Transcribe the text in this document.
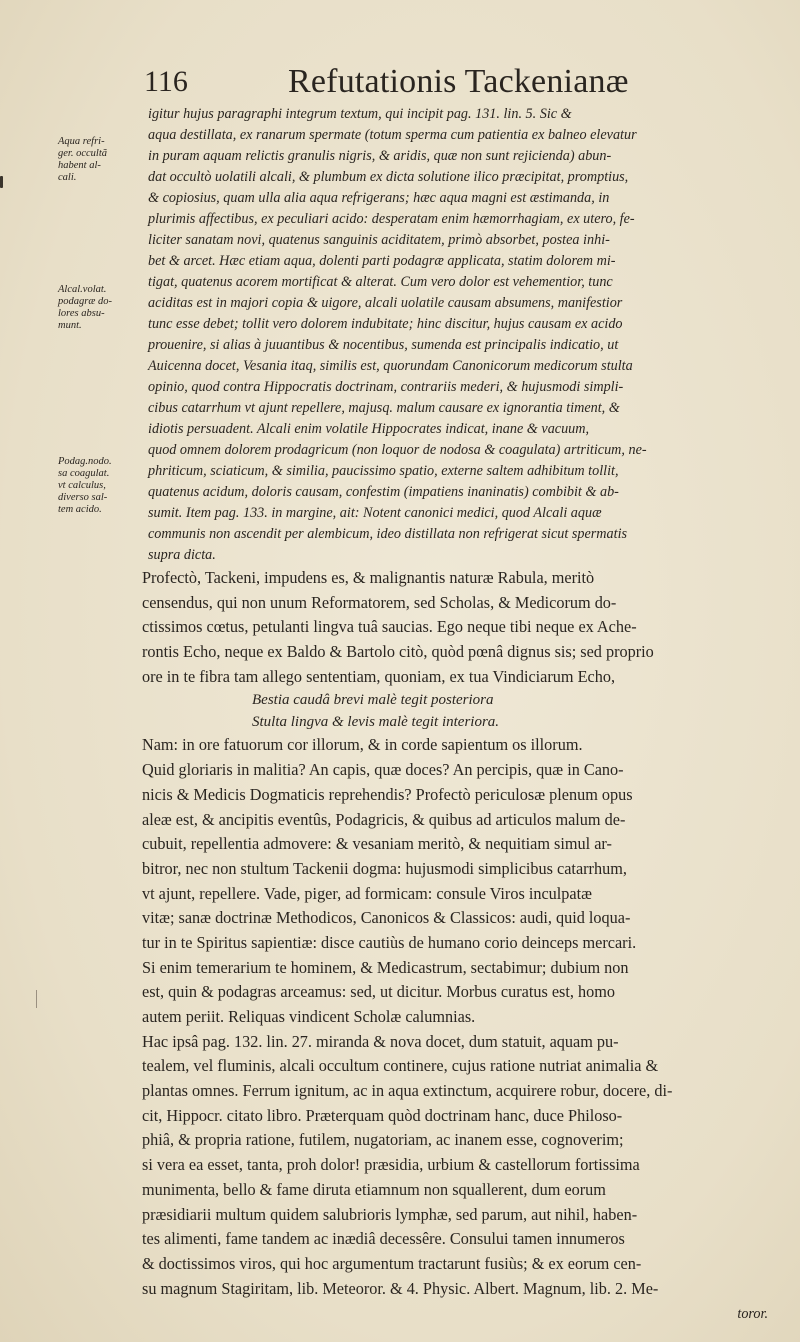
116	Refutationis Tackenianæ
Aqua refri-
ger. occultã
habent al-
cali.
Alcal.volat.
podagræ do-
lores absu-
munt.
Podag.nodo.
sa coagulat.
vt calculus,
diverso sal-
tem acido.
igitur hujus paragraphi integrum textum, qui incipit pag. 131. lin. 5. Sic &
aqua destillata, ex ranarum spermate (totum sperma cum patientia ex balneo elevatur
in puram aquam relictis granulis nigris, & aridis, quæ non sunt rejicienda) abun-
dat occultò uolatili alcali, & plumbum ex dicta solutione ilico præcipitat, promptius,
& copiosius, quam ulla alia aqua refrigerans; hæc aqua magni est æstimanda, in
plurimis affectibus, ex peculiari acido: desperatam enim hæmorrhagiam, ex utero, fe-
liciter sanatam novi, quatenus sanguinis aciditatem, primò absorbet, postea inhi-
bet & arcet. Hæc etiam aqua, dolenti parti podagræ applicata, statim dolorem mi-
tigat, quatenus acorem mortificat & alterat. Cum vero dolor est vehementior, tunc
aciditas est in majori copia & uigore, alcali uolatile causam absumens, manifestior
tunc esse debet; tollit vero dolorem indubitate; hinc discitur, hujus causam ex acido
prouenire, si alias à juuantibus & nocentibus, sumenda est principalis indicatio, ut
Auicenna docet, Vesania itaq, similis est, quorundam Canonicorum medicorum stulta
opinio, quod contra Hippocratis doctrinam, contrariis mederi, & hujusmodi simpli-
cibus catarrhum vt ajunt repellere, majusq. malum causare ex ignorantia timent, &
idiotis persuadent. Alcali enim volatile Hippocrates indicat, inane & vacuum,
quod omnem dolorem prodagricum (non loquor de nodosa & coagulata) artriticum, ne-
phriticum, sciaticum, & similia, paucissimo spatio, externe saltem adhibitum tollit,
quatenus acidum, doloris causam, confestim (impatiens inaninatis) combibit & ab-
sumit. Item pag. 133. in margine, ait: Notent canonici medici, quod Alcali aquæ
communis non ascendit per alembicum, ideo distillata non refrigerat sicut spermatis
supra dicta.
Profectò, Tackeni, impudens es, & malignantis naturæ Rabula, meritò
censendus, qui non unum Reformatorem, sed Scholas, & Medicorum do-
ctissimos cœtus, petulanti lingva tuâ saucias. Ego neque tibi neque ex Ache-
rontis Echo, neque ex Baldo & Bartolo citò, quòd pœnâ dignus sis; sed proprio
ore in te fibra tam allego sententiam, quoniam, ex tua Vindiciarum Echo,
Bestia caudâ brevi malè tegit posteriora
Stulta lingva & levis malè tegit interiora.
Nam: in ore fatuorum cor illorum, & in corde sapientum os illorum.
Quid gloriaris in malitia? An capis, quæ doces? An percipis, quæ in Cano-
nicis & Medicis Dogmaticis reprehendis? Profectò periculosæ plenum opus
aleæ est, & ancipitis eventûs, Podagricis, & quibus ad articulos malum de-
cubuit, repellentia admovere: & vesaniam meritò, & nequitiam simul ar-
bitror, nec non stultum Tackenii dogma: hujusmodi simplicibus catarrhum,
vt ajunt, repellere. Vade, piger, ad formicam: consule Viros inculpatæ
vitæ; sanæ doctrinæ Methodicos, Canonicos & Classicos: audi, quid loqua-
tur in te Spiritus sapientiæ: disce cautiùs de humano corio deinceps mercari.
Si enim temerarium te hominem, & Medicastrum, sectabimur; dubium non
est, quin & podagras arceamus: sed, ut dicitur. Morbus curatus est, homo
autem periit. Reliquas vindicent Scholæ calumnias.
Hac ipsâ pag. 132. lin. 27. miranda & nova docet, dum statuit, aquam pu-
tealem, vel fluminis, alcali occultum continere, cujus ratione nutriat animalia &
plantas omnes. Ferrum ignitum, ac in aqua extinctum, acquirere robur, docere, di-
cit, Hippocr. citato libro. Præterquam quòd doctrinam hanc, duce Philoso-
phiâ, & propria ratione, futilem, nugatoriam, ac inanem esse, cognoverim;
si vera ea esset, tanta, proh dolor! præsidia, urbium & castellorum fortissima
munimenta, bello & fame diruta etiamnum non squallerent, dum eorum
præsidiarii multum quidem salubrioris lymphæ, sed parum, aut nihil, haben-
tes alimenti, fame tandem ac inædiâ decessêre. Consului tamen innumeros
& doctissimos viros, qui hoc argumentum tractarunt fusiùs; & ex eorum cen-
su magnum Stagiritam, lib. Meteoror. & 4. Physic. Albert. Magnum, lib. 2. Me-
toror.
